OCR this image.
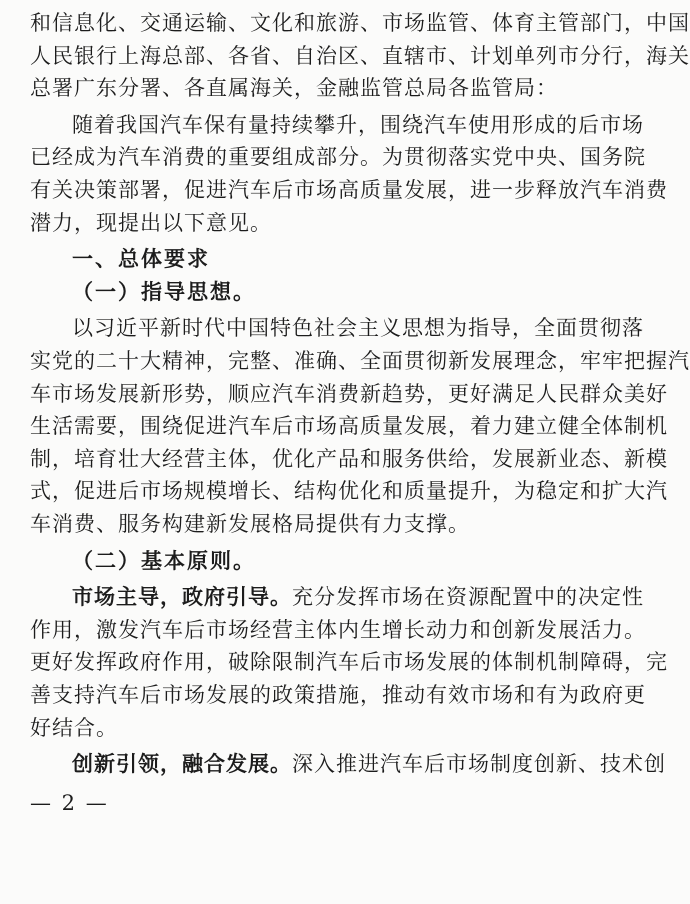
和信息化、交通运输、文化和旅游、市场监管、体育主管部门，中国
人民银行上海总部、各省、自治区、直辖市、计划单列市分行，海关
总署广东分署、各直属海关，金融监管总局各监管局：
随着我国汽车保有量持续攀升，围绕汽车使用形成的后市场
已经成为汽车消费的重要组成部分。为贯彻落实党中央、国务院
有关决策部署，促进汽车后市场高质量发展，进一步释放汽车消费
潜力，现提出以下意见。
一、总体要求
（一）指导思想。
以习近平新时代中国特色社会主义思想为指导，全面贯彻落
实党的二十大精神，完整、准确、全面贯彻新发展理念，牢牢把握汽
车市场发展新形势，顺应汽车消费新趋势，更好满足人民群众美好
生活需要，围绕促进汽车后市场高质量发展，着力建立健全体制机
制，培育壮大经营主体，优化产品和服务供给，发展新业态、新模
式，促进后市场规模增长、结构优化和质量提升，为稳定和扩大汽
车消费、服务构建新发展格局提供有力支撑。
（二）基本原则。
市场主导，政府引导。充分发挥市场在资源配置中的决定性
作用，激发汽车后市场经营主体内生增长动力和创新发展活力。
更好发挥政府作用，破除限制汽车后市场发展的体制机制障碍，完
善支持汽车后市场发展的政策措施，推动有效市场和有为政府更
好结合。
创新引领，融合发展。深入推进汽车后市场制度创新、技术创
— 2 —
